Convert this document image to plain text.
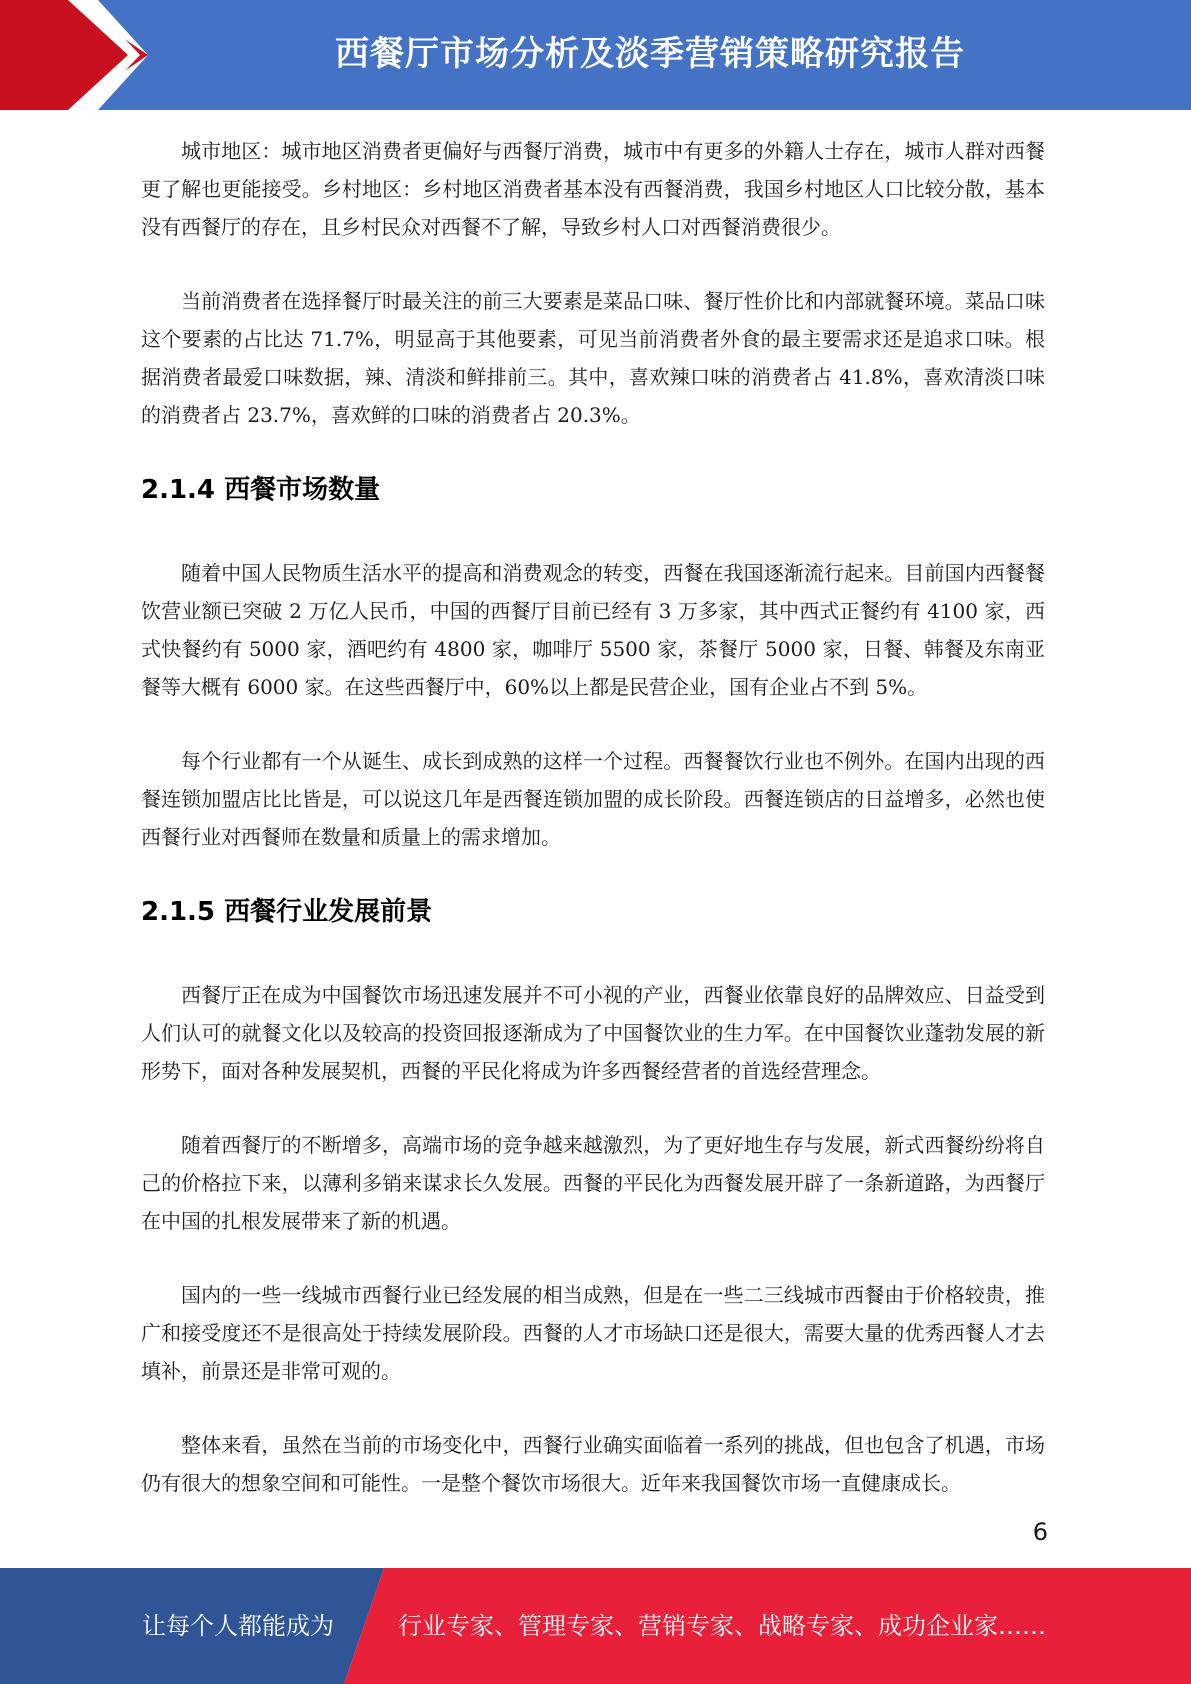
西餐厅市场分析及淡季营销策略研究报告

城市地区：城市地区消费者更偏好与西餐厅消费，城市中有更多的外籍人士存在，城市人群对西餐更了解也更能接受。乡村地区：乡村地区消费者基本没有西餐消费，我国乡村地区人口比较分散，基本没有西餐厅的存在，且乡村民众对西餐不了解，导致乡村人口对西餐消费很少。

当前消费者在选择餐厅时最关注的前三大要素是菜品口味、餐厅性价比和内部就餐环境。菜品口味这个要素的占比达 71.7%，明显高于其他要素，可见当前消费者外食的最主要需求还是追求口味。根据消费者最爱口味数据，辣、清淡和鲜排前三。其中，喜欢辣口味的消费者占 41.8%，喜欢清淡口味的消费者占 23.7%，喜欢鲜的口味的消费者占 20.3%。

2.1.4 西餐市场数量

随着中国人民物质生活水平的提高和消费观念的转变，西餐在我国逐渐流行起来。目前国内西餐餐饮营业额已突破 2 万亿人民币，中国的西餐厅目前已经有 3 万多家，其中西式正餐约有 4100 家，西式快餐约有 5000 家，酒吧约有 4800 家，咖啡厅 5500 家，茶餐厅 5000 家，日餐、韩餐及东南亚餐等大概有 6000 家。在这些西餐厅中，60%以上都是民营企业，国有企业占不到 5%。

每个行业都有一个从诞生、成长到成熟的这样一个过程。西餐餐饮行业也不例外。在国内出现的西餐连锁加盟店比比皆是，可以说这几年是西餐连锁加盟的成长阶段。西餐连锁店的日益增多，必然也使西餐行业对西餐师在数量和质量上的需求增加。

2.1.5 西餐行业发展前景

西餐厅正在成为中国餐饮市场迅速发展并不可小视的产业，西餐业依靠良好的品牌效应、日益受到人们认可的就餐文化以及较高的投资回报逐渐成为了中国餐饮业的生力军。在中国餐饮业蓬勃发展的新形势下，面对各种发展契机，西餐的平民化将成为许多西餐经营者的首选经营理念。

随着西餐厅的不断增多，高端市场的竞争越来越激烈，为了更好地生存与发展，新式西餐纷纷将自己的价格拉下来，以薄利多销来谋求长久发展。西餐的平民化为西餐发展开辟了一条新道路，为西餐厅在中国的扎根发展带来了新的机遇。

国内的一些一线城市西餐行业已经发展的相当成熟，但是在一些二三线城市西餐由于价格较贵，推广和接受度还不是很高处于持续发展阶段。西餐的人才市场缺口还是很大，需要大量的优秀西餐人才去填补，前景还是非常可观的。

整体来看，虽然在当前的市场变化中，西餐行业确实面临着一系列的挑战，但也包含了机遇，市场仍有很大的想象空间和可能性。一是整个餐饮市场很大。近年来我国餐饮市场一直健康成长。

6
让每个人都能成为	行业专家、管理专家、营销专家、战略专家、成功企业家……
